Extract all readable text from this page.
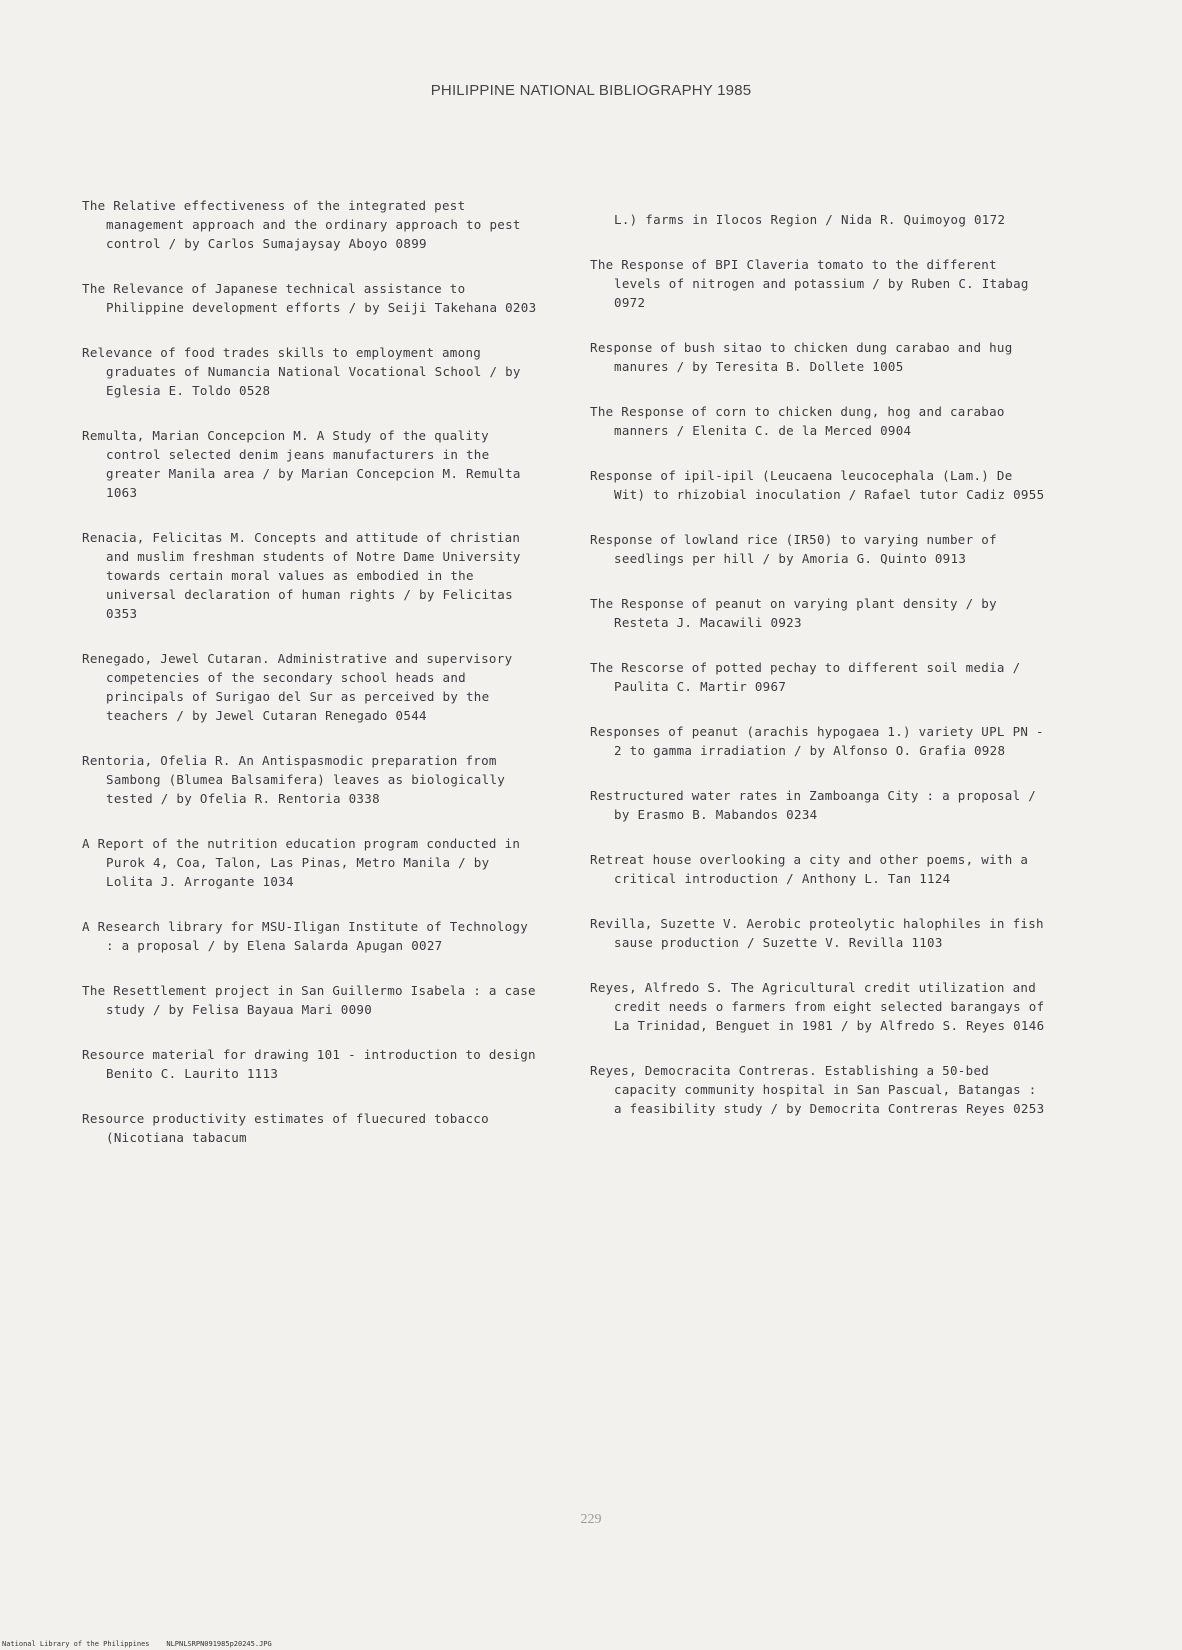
PHILIPPINE NATIONAL BIBLIOGRAPHY 1985
The Relative effectiveness of the integrated pest management approach and the ordinary approach to pest control / by Carlos Sumajaysay Aboyo 0899
The Relevance of Japanese technical assistance to Philippine development efforts / by Seiji Takehana 0203
Relevance of food trades skills to employment among graduates of Numancia National Vocational School / by Eglesia E. Toldo 0528
Remulta, Marian Concepcion M. A Study of the quality control selected denim jeans manufacturers in the greater Manila area / by Marian Concepcion M. Remulta 1063
Renacia, Felicitas M. Concepts and attitude of christian and muslim freshman students of Notre Dame University towards certain moral values as embodied in the universal declaration of human rights / by Felicitas 0353
Renegado, Jewel Cutaran. Administrative and supervisory competencies of the secondary school heads and principals of Surigao del Sur as perceived by the teachers / by Jewel Cutaran Renegado 0544
Rentoria, Ofelia R. An Antispasmodic preparation from Sambong (Blumea Balsamifera) leaves as biologically tested / by Ofelia R. Rentoria 0338
A Report of the nutrition education program conducted in Purok 4, Coa, Talon, Las Pinas, Metro Manila / by Lolita J. Arrogante 1034
A Research library for MSU-Iligan Institute of Technology : a proposal / by Elena Salarda Apugan 0027
The Resettlement project in San Guillermo Isabela : a case study / by Felisa Bayaua Mari 0090
Resource material for drawing 101 - introduction to design Benito C. Laurito 1113
Resource productivity estimates of fluecured tobacco (Nicotiana tabacum
L.) farms in Ilocos Region / Nida R. Quimoyog 0172
The Response of BPI Claveria tomato to the different levels of nitrogen and potassium / by Ruben C. Itabag 0972
Response of bush sitao to chicken dung carabao and hug manures / by Teresita B. Dollete 1005
The Response of corn to chicken dung, hog and carabao manners / Elenita C. de la Merced 0904
Response of ipil-ipil (Leucaena leucocephala (Lam.) De Wit) to rhizobial inoculation / Rafael tutor Cadiz 0955
Response of lowland rice (IR50) to varying number of seedlings per hill / by Amoria G. Quinto 0913
The Response of peanut on varying plant density / by Resteta J. Macawili 0923
The Rescorse of potted pechay to different soil media / Paulita C. Martir 0967
Responses of peanut (arachis hypogaea 1.) variety UPL PN - 2 to gamma irradiation / by Alfonso O. Grafia 0928
Restructured water rates in Zamboanga City : a proposal / by Erasmo B. Mabandos 0234
Retreat house overlooking a city and other poems, with a critical introduction / Anthony L. Tan 1124
Revilla, Suzette V. Aerobic proteolytic halophiles in fish sause production / Suzette V. Revilla 1103
Reyes, Alfredo S. The Agricultural credit utilization and credit needs o farmers from eight selected barangays of La Trinidad, Benguet in 1981 / by Alfredo S. Reyes 0146
Reyes, Democracita Contreras. Establishing a 50-bed capacity community hospital in San Pascual, Batangas : a feasibility study / by Democrita Contreras Reyes 0253
229
National Library of the Philippines    NLPNLSRPN091985p20245.JPG
